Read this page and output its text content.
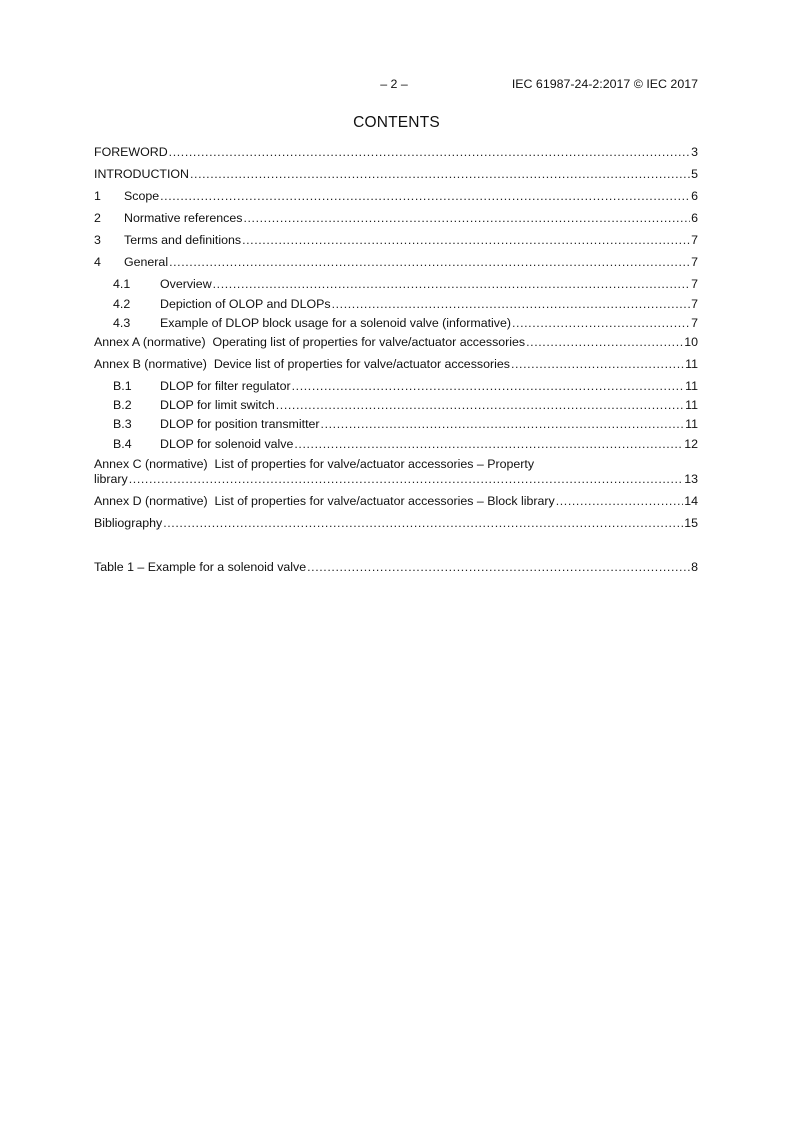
– 2 –	IEC 61987-24-2:2017 © IEC 2017
CONTENTS
FOREWORD .....	3
INTRODUCTION .....	5
1	Scope .....	6
2	Normative references .....	6
3	Terms and definitions .....	7
4	General .....	7
4.1	Overview .....	7
4.2	Depiction of OLOP and DLOPs .....	7
4.3	Example of DLOP block usage for a solenoid valve (informative) .....	7
Annex A (normative)  Operating list of properties for valve/actuator accessories .....	10
Annex B (normative)  Device list of properties for valve/actuator accessories .....	11
B.1	DLOP for filter regulator .....	11
B.2	DLOP for limit switch .....	11
B.3	DLOP for position transmitter .....	11
B.4	DLOP for solenoid valve .....	12
Annex C (normative)  List of properties for valve/actuator accessories – Property
library .....	13
Annex D (normative)  List of properties for valve/actuator accessories – Block library .....	14
Bibliography .....	15
Table 1 – Example for a solenoid valve .....	8
